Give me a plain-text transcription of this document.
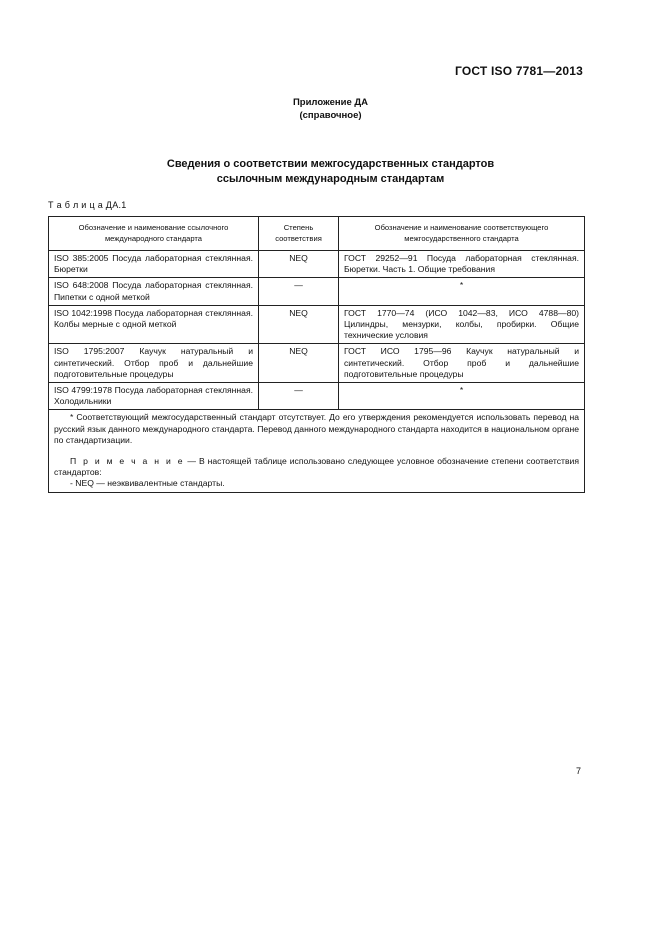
ГОСТ ISO 7781—2013
Приложение ДА
(справочное)
Сведения о соответствии межгосударственных стандартов
ссылочным международным стандартам
Т а б л и ц а ДА.1
Обозначение и наименование ссылочного международного стандарта	Степень соответствия	Обозначение и наименование соответствующего межгосударственного стандарта
ISO 385:2005 Посуда лабораторная стеклянная. Бюретки	NEQ	ГОСТ 29252—91 Посуда лабораторная стеклянная. Бюретки. Часть 1. Общие требования
ISO 648:2008 Посуда лабораторная стеклянная. Пипетки с одной меткой	—	*
ISO 1042:1998 Посуда лабораторная стеклянная. Колбы мерные с одной меткой	NEQ	ГОСТ 1770—74 (ИСО 1042—83, ИСО 4788—80) Цилиндры, мензурки, колбы, пробирки. Общие технические условия
ISO 1795:2007 Каучук натуральный и синтетический. Отбор проб и дальнейшие подготовительные процедуры	NEQ	ГОСТ ИСО 1795—96 Каучук натуральный и синтетический. Отбор проб и дальнейшие подготовительные процедуры
ISO 4799:1978 Посуда лабораторная стеклянная. Холодильники	—	*

* Соответствующий межгосударственный стандарт отсутствует. До его утверждения рекомендуется использовать перевод на русский язык данного международного стандарта. Перевод данного международного стандарта находится в национальном органе по стандартизации.
П р и м е ч а н и е — В настоящей таблице использовано следующее условное обозначение степени соответствия стандартов:
- NEQ — неэквивалентные стандарты.		
7
